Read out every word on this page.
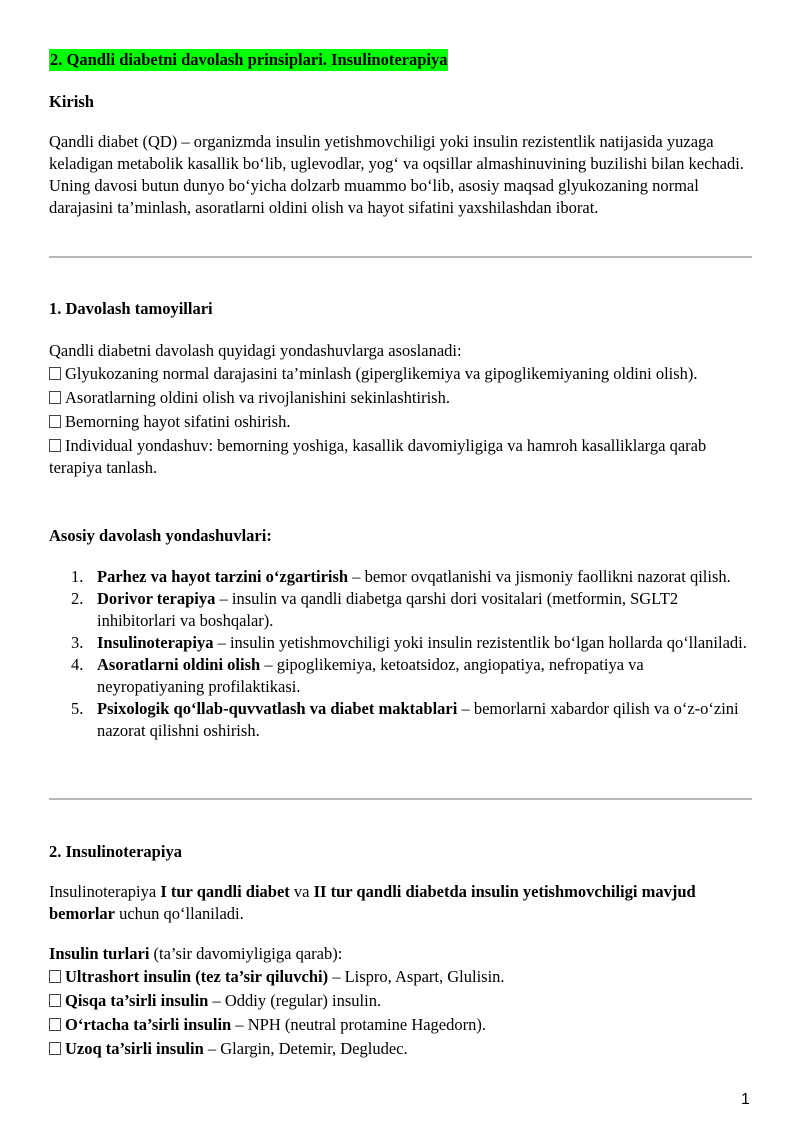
2. Qandli diabetni davolash prinsiplari. Insulinoterapiya
Kirish

Qandli diabet (QD) – organizmda insulin yetishmovchiligi yoki insulin rezistentlik natijasida yuzaga keladigan metabolik kasallik bo‘lib, uglevodlar, yog‘ va oqsillar almashinuvining buzilishi bilan kechadi. Uning davosi butun dunyo bo‘yicha dolzarb muammo bo‘lib, asosiy maqsad glyukozaning normal darajasini ta’minlash, asoratlarni oldini olish va hayot sifatini yaxshilashdan iborat.

1. Davolash tamoyillari

Qandli diabetni davolash quyidagi yondashuvlarga asoslanadi:

Glyukozaning normal darajasini ta’minlash (giperglikemiya va gipoglikemiyaning oldini olish).

Asoratlarning oldini olish va rivojlanishini sekinlashtirish.

Bemorning hayot sifatini oshirish.

Individual yondashuv: bemorning yoshiga, kasallik davomiyligiga va hamroh kasalliklarga qarab terapiya tanlash.

Asosiy davolash yondashuvlari:
1. Parhez va hayot tarzini o‘zgartirish – bemor ovqatlanishi va jismoniy faollikni nazorat qilish.
2. Dorivor terapiya – insulin va qandli diabetga qarshi dori vositalari (metformin, SGLT2 inhibitorlari va boshqalar).
3. Insulinoterapiya – insulin yetishmovchiligi yoki insulin rezistentlik bo‘lgan hollarda qo‘llaniladi.
4. Asoratlarni oldini olish – gipoglikemiya, ketoatsidoz, angiopatiya, nefropatiya va neyropatiyaning profilaktikasi.
5. Psixologik qo‘llab-quvvatlash va diabet maktablari – bemorlarni xabardor qilish va o‘z-o‘zini nazorat qilishni oshirish.
2. Insulinoterapiya

Insulinoterapiya I tur qandli diabet va II tur qandli diabetda insulin yetishmovchiligi mavjud bemorlar uchun qo‘llaniladi.

Insulin turlari (ta’sir davomiyligiga qarab):

Ultrashort insulin (tez ta’sir qiluvchi) – Lispro, Aspart, Glulisin.

Qisqa ta’sirli insulin – Oddiy (regular) insulin.

O‘rtacha ta’sirli insulin – NPH (neutral protamine Hagedorn).

Uzoq ta’sirli insulin – Glargin, Detemir, Degludec.

1
